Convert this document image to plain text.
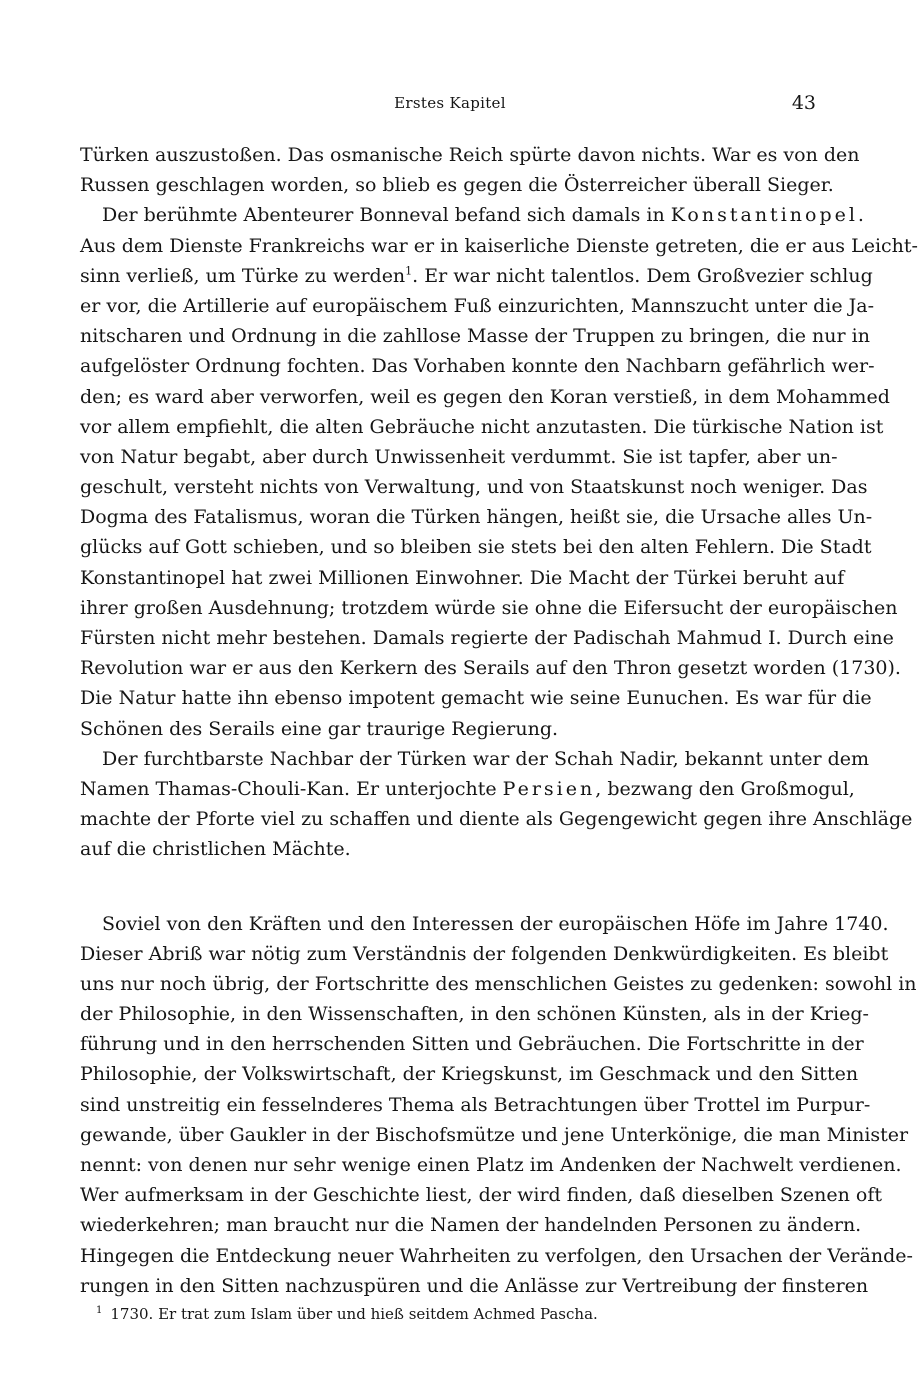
Erstes Kapitel	43
Türken auszustoßen. Das osmanische Reich spürte davon nichts. War es von den
Russen geschlagen worden, so blieb es gegen die Österreicher überall Sieger.
Der berühmte Abenteurer Bonneval befand sich damals in Konstantinopel.
Aus dem Dienste Frankreichs war er in kaiserliche Dienste getreten, die er aus Leicht-
sinn verließ, um Türke zu werden$^1$. Er war nicht talentlos. Dem Großvezier schlug
er vor, die Artillerie auf europäischem Fuß einzurichten, Mannszucht unter die Ja-
nitscharen und Ordnung in die zahllose Masse der Truppen zu bringen, die nur in
aufgelöster Ordnung fochten. Das Vorhaben konnte den Nachbarn gefährlich wer-
den; es ward aber verworfen, weil es gegen den Koran verstieß, in dem Mohammed
vor allem empfiehlt, die alten Gebräuche nicht anzutasten. Die türkische Nation ist
von Natur begabt, aber durch Unwissenheit verdummt. Sie ist tapfer, aber un-
geschult, versteht nichts von Verwaltung, und von Staatskunst noch weniger. Das
Dogma des Fatalismus, woran die Türken hängen, heißt sie, die Ursache alles Un-
glücks auf Gott schieben, und so bleiben sie stets bei den alten Fehlern. Die Stadt
Konstantinopel hat zwei Millionen Einwohner. Die Macht der Türkei beruht auf
ihrer großen Ausdehnung; trotzdem würde sie ohne die Eifersucht der europäischen
Fürsten nicht mehr bestehen. Damals regierte der Padischah Mahmud I. Durch eine
Revolution war er aus den Kerkern des Serails auf den Thron gesetzt worden (1730).
Die Natur hatte ihn ebenso impotent gemacht wie seine Eunuchen. Es war für die
Schönen des Serails eine gar traurige Regierung.
Der furchtbarste Nachbar der Türken war der Schah Nadir, bekannt unter dem
Namen Thamas-Chouli-Kan. Er unterjochte Persien, bezwang den Großmogul,
machte der Pforte viel zu schaffen und diente als Gegengewicht gegen ihre Anschläge
auf die christlichen Mächte.
Soviel von den Kräften und den Interessen der europäischen Höfe im Jahre 1740.
Dieser Abriß war nötig zum Verständnis der folgenden Denkwürdigkeiten. Es bleibt
uns nur noch übrig, der Fortschritte des menschlichen Geistes zu gedenken: sowohl in
der Philosophie, in den Wissenschaften, in den schönen Künsten, als in der Krieg-
führung und in den herrschenden Sitten und Gebräuchen. Die Fortschritte in der
Philosophie, der Volkswirtschaft, der Kriegskunst, im Geschmack und den Sitten
sind unstreitig ein fesselnderes Thema als Betrachtungen über Trottel im Purpur-
gewande, über Gaukler in der Bischofsmütze und jene Unterkönige, die man Minister
nennt: von denen nur sehr wenige einen Platz im Andenken der Nachwelt verdienen.
Wer aufmerksam in der Geschichte liest, der wird finden, daß dieselben Szenen oft
wiederkehren; man braucht nur die Namen der handelnden Personen zu ändern.
Hingegen die Entdeckung neuer Wahrheiten zu verfolgen, den Ursachen der Verände-
rungen in den Sitten nachzuspüren und die Anlässe zur Vertreibung der finsteren
$^1$ 1730. Er trat zum Islam über und hieß seitdem Achmed Pascha.
